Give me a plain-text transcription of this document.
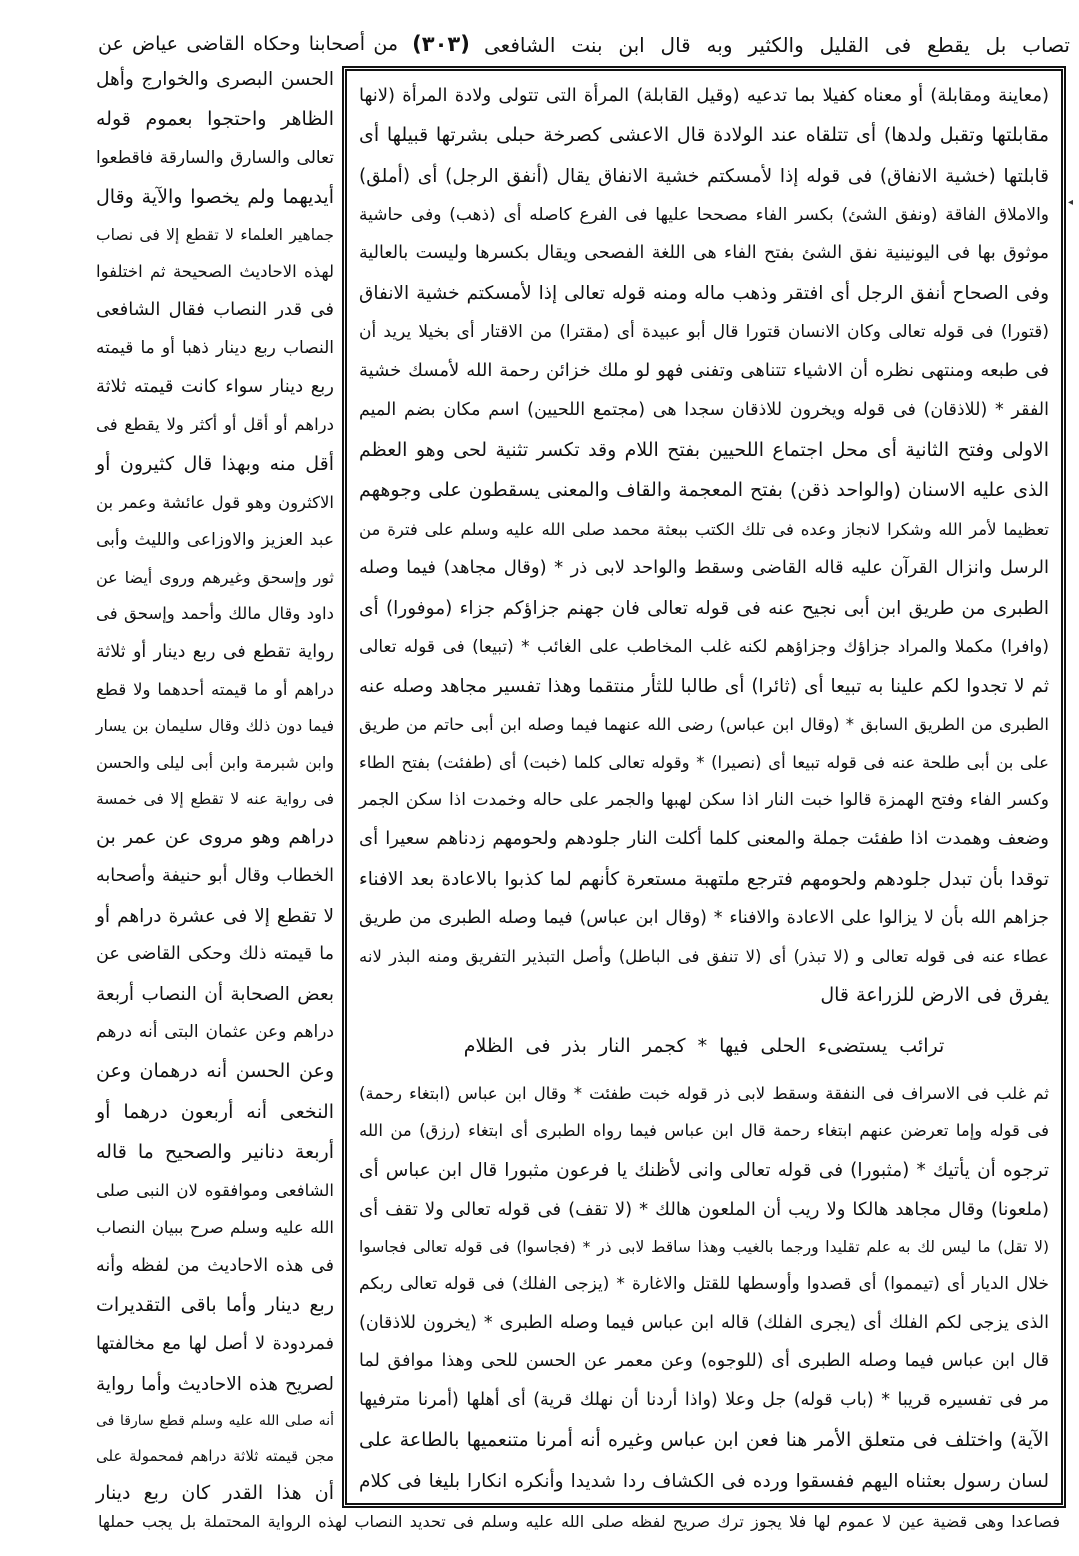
تصاب بل يقطع فى القليل والكثير وبه قال ابن بنت الشافعى
(٣٠٣)
من أصحابنا وحكاه القاضى عياض عن
الحسن البصرى والخوارج وأهل
الظاهر واحتجوا بعموم قوله
تعالى والسارق والسارقة فاقطعوا
أيديهما ولم يخصوا والآية وقال
جماهير العلماء لا تقطع إلا فى نصاب
لهذه الاحاديث الصحيحة ثم اختلفوا
فى قدر النصاب فقال الشافعى
النصاب ربع دينار ذهبا أو ما قيمته
ربع دينار سواء كانت قيمته ثلاثة
دراهم أو أقل أو أكثر ولا يقطع فى
أقل منه وبهذا قال كثيرون أو
الاكثرون وهو قول عائشة وعمر بن
عبد العزيز والاوزاعى والليث وأبى
ثور وإسحق وغيرهم وروى أيضا عن
داود وقال مالك وأحمد وإسحق فى
رواية تقطع فى ربع دينار أو ثلاثة
دراهم أو ما قيمته أحدهما ولا قطع
فيما دون ذلك وقال سليمان بن يسار
وابن شبرمة وابن أبى ليلى والحسن
فى رواية عنه لا تقطع إلا فى خمسة
دراهم وهو مروى عن عمر بن
الخطاب وقال أبو حنيفة وأصحابه
لا تقطع إلا فى عشرة دراهم أو
ما قيمته ذلك وحكى القاضى عن
بعض الصحابة أن النصاب أربعة
دراهم وعن عثمان البتى أنه درهم
وعن الحسن أنه درهمان وعن
النخعى أنه أربعون درهما أو
أربعة دنانير والصحيح ما قاله
الشافعى وموافقوه لان النبى صلى
الله عليه وسلم صرح ببيان النصاب
فى هذه الاحاديث من لفظه وأنه
ربع دينار وأما باقى التقديرات
فمردودة لا أصل لها مع مخالفتها
لصريح هذه الاحاديث وأما رواية
أنه صلى الله عليه وسلم قطع سارقا فى
مجن قيمته ثلاثة دراهم فمحمولة على
أن هذا القدر كان ربع دينار
(معاينة ومقابلة) أو معناه كفيلا بما تدعيه (وقيل القابلة) المرأة التى تتولى ولادة المرأة (لانها
مقابلتها وتقبل ولدها) أى تتلقاه عند الولادة قال الاعشى كصرخة حبلى بشرتها قبيلها أى
قابلتها (خشية الانفاق) فى قوله إذا لأمسكتم خشية الانفاق يقال (أنفق الرجل) أى (أملق)
والاملاق الفاقة (ونفق الشئ) بكسر الفاء مصححا عليها فى الفرع كاصله أى (ذهب) وفى حاشية
موثوق بها فى اليونينية نفق الشئ بفتح الفاء هى اللغة الفصحى ويقال بكسرها وليست بالعالية
وفى الصحاح أنفق الرجل أى افتقر وذهب ماله ومنه قوله تعالى إذا لأمسكتم خشية الانفاق
(قتورا) فى قوله تعالى وكان الانسان قتورا قال أبو عبيدة أى (مقترا) من الاقتار أى بخيلا يريد أن
فى طبعه ومنتهى نظره أن الاشياء تتناهى وتفنى فهو لو ملك خزائن رحمة الله لأمسك خشية
الفقر * (للاذقان) فى قوله ويخرون للاذقان سجدا هى (مجتمع اللحيين) اسم مكان بضم الميم
الاولى وفتح الثانية أى محل اجتماع اللحيين بفتح اللام وقد تكسر تثنية لحى وهو العظم
الذى عليه الاسنان (والواحد ذقن) بفتح المعجمة والقاف والمعنى يسقطون على وجوههم
تعظيما لأمر الله وشكرا لانجاز وعده فى تلك الكتب ببعثة محمد صلى الله عليه وسلم على فترة من
الرسل وانزال القرآن عليه قاله القاضى وسقط والواحد لابى ذر * (وقال مجاهد) فيما وصله
الطبرى من طريق ابن أبى نجيح عنه فى قوله تعالى فان جهنم جزاؤكم جزاء (موفورا) أى
(وافرا) مكملا والمراد جزاؤك وجزاؤهم لكنه غلب المخاطب على الغائب * (تبيعا) فى قوله تعالى
ثم لا تجدوا لكم علينا به تبيعا أى (ثائرا) أى طالبا للثأر منتقما وهذا تفسير مجاهد وصله عنه
الطبرى من الطريق السابق * (وقال ابن عباس) رضى الله عنهما فيما وصله ابن أبى حاتم من طريق
على بن أبى طلحة عنه فى قوله تبيعا أى (نصيرا) * وقوله تعالى كلما (خبت) أى (طفئت) بفتح الطاء
وكسر الفاء وفتح الهمزة قالوا خبت النار اذا سكن لهبها والجمر على حاله وخمدت اذا سكن الجمر
وضعف وهمدت اذا طفئت جملة والمعنى كلما أكلت النار جلودهم ولحومهم زدناهم سعيرا أى
توقدا بأن تبدل جلودهم ولحومهم فترجع ملتهبة مستعرة كأنهم لما كذبوا بالاعادة بعد الافناء
جزاهم الله بأن لا يزالوا على الاعادة والافناء * (وقال ابن عباس) فيما وصله الطبرى من طريق
عطاء عنه فى قوله تعالى و (لا تبذر) أى (لا تنفق فى الباطل) وأصل التبذير التفريق ومنه البذر لانه
يفرق فى الارض للزراعة قال
ترائب يستضىء الحلى فيها * كجمر النار بذر فى الظلام
ثم غلب فى الاسراف فى النفقة وسقط لابى ذر قوله خبت طفئت * وقال ابن عباس (ابتغاء رحمة)
فى قوله وإما تعرضن عنهم ابتغاء رحمة قال ابن عباس فيما رواه الطبرى أى ابتغاء (رزق) من الله
ترجوه أن يأتيك * (مثبورا) فى قوله تعالى وانى لأظنك يا فرعون مثبورا قال ابن عباس أى
(ملعونا) وقال مجاهد هالكا ولا ريب أن الملعون هالك * (لا تقف) فى قوله تعالى ولا تقف أى
(لا تقل) ما ليس لك به علم تقليدا ورجما بالغيب وهذا ساقط لابى ذر * (فجاسوا) فى قوله تعالى فجاسوا
خلال الديار أى (تيمموا) أى قصدوا وأوسطها للقتل والاغارة * (يزجى الفلك) فى قوله تعالى ربكم
الذى يزجى لكم الفلك أى (يجرى الفلك) قاله ابن عباس فيما وصله الطبرى * (يخرون للاذقان)
قال ابن عباس فيما وصله الطبرى أى (للوجوه) وعن معمر عن الحسن للحى وهذا موافق لما
مر فى تفسيره قريبا * (باب قوله) جل وعلا (واذا أردنا أن نهلك قرية) أى أهلها (أمرنا مترفيها
الآية) واختلف فى متعلق الأمر هنا فعن ابن عباس وغيره أنه أمرنا متنعميها بالطاعة على
لسان رسول بعثناه اليهم ففسقوا ورده فى الكشاف ردا شديدا وأنكره انكارا بليغا فى كلام
◂
فصاعدا وهى قضية عين لا عموم لها فلا يجوز ترك صريح لفظه صلى الله عليه وسلم فى تحديد النصاب لهذه الرواية المحتملة بل يجب حملها
